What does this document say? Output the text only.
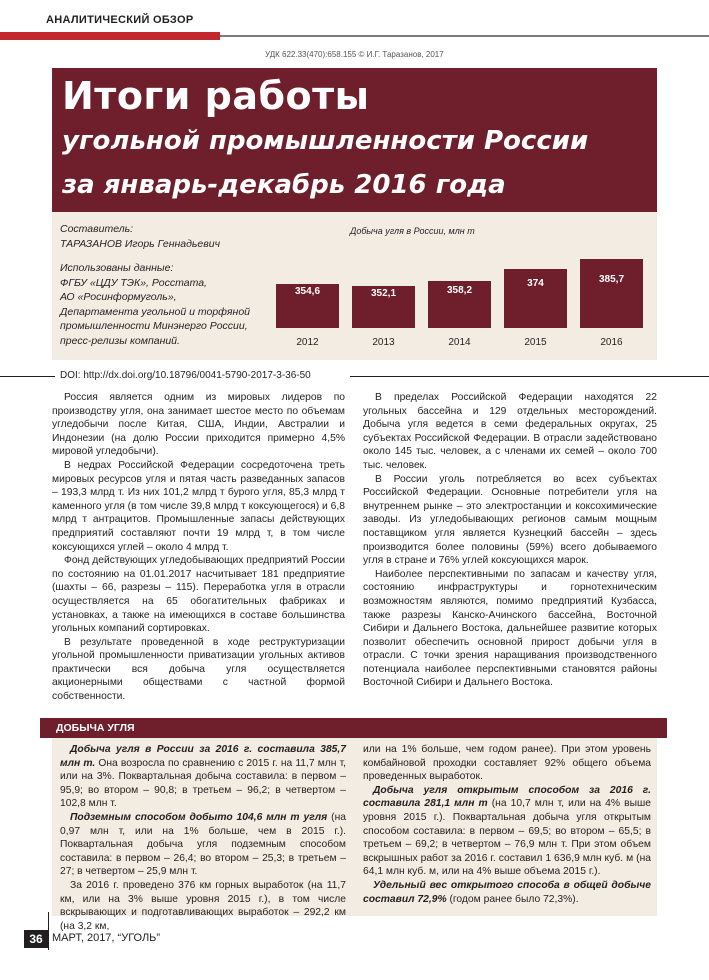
АНАЛИТИЧЕСКИЙ ОБЗОР
УДК 622.33(470):658.155 © И.Г. Таразанов, 2017
Итоги работы
угольной промышленности России
за январь-декабрь 2016 года

Составитель:

ТАРАЗАНОВ Игорь Геннадьевич

Использованы данные:

ФГБУ «ЦДУ ТЭК», Росстата,

АО «Росинформуголь»,

Департамента угольной и торфяной

промышленности Минэнерго России,

пресс-релизы компаний.

Добыча угля в России, млн т
354,6
2012
352,1
2013
358,2
2014
374
2015
385,7
2016
DOI: http://dx.doi.org/10.18796/0041-5790-2017-3-36-50

Россия является одним из мировых лидеров по производству угля, она занимает шестое место по объемам угледобычи после Китая, США, Индии, Австралии и Индонезии (на долю России приходится примерно 4,5% мировой угледобычи).

В недрах Российской Федерации сосредоточена треть мировых ресурсов угля и пятая часть разведанных запасов – 193,3 млрд т. Из них 101,2 млрд т бурого угля, 85,3 млрд т каменного угля (в том числе 39,8 млрд т коксующегося) и 6,8 млрд т антрацитов. Промышленные запасы действующих предприятий составляют почти 19 млрд т, в том числе коксующихся углей – около 4 млрд т.

Фонд действующих угледобывающих предприятий России по состоянию на 01.01.2017 насчитывает 181 предприятие (шахты – 66, разрезы – 115). Переработка угля в отрасли осуществляется на 65 обогатительных фабриках и установках, а также на имеющихся в составе большинства угольных компаний сортировках.

В результате проведенной в ходе реструктуризации угольной промышленности приватизации угольных активов практически вся добыча угля осуществляется акционерными обществами с частной формой собственности.

В пределах Российской Федерации находятся 22 угольных бассейна и 129 отдельных месторождений. Добыча угля ведется в семи федеральных округах, 25 субъектах Российской Федерации. В отрасли задействовано около 145 тыс. человек, а с членами их семей – около 700 тыс. человек.

В России уголь потребляется во всех субъектах Российской Федерации. Основные потребители угля на внутреннем рынке – это электростанции и коксохимические заводы. Из угледобывающих регионов самым мощным поставщиком угля является Кузнецкий бассейн – здесь производится более половины (59%) всего добываемого угля в стране и 76% углей коксующихся марок.

Наиболее перспективными по запасам и качеству угля, состоянию инфраструктуры и горнотехническим возможностям являются, помимо предприятий Кузбасса, также разрезы Канско-Ачинского бассейна, Восточной Сибири и Дальнего Востока, дальнейшее развитие которых позволит обеспечить основной прирост добычи угля в отрасли. С точки зрения наращивания производственного потенциала наиболее перспективными становятся районы Восточной Сибири и Дальнего Востока.

ДОБЫЧА УГЛЯ

Добыча угля в России за 2016 г. составила 385,7 млн т. Она возросла по сравнению с 2015 г. на 11,7 млн т, или на 3%. Поквартальная добыча составила: в первом – 95,9; во втором – 90,8; в третьем – 96,2; в четвертом – 102,8 млн т.

Подземным способом добыто 104,6 млн т угля (на 0,97 млн т, или на 1% больше, чем в 2015 г.). Поквартальная добыча угля подземным способом составила: в первом – 26,4; во втором – 25,3; в третьем – 27; в четвертом – 25,9 млн т.

За 2016 г. проведено 376 км горных выработок (на 11,7 км, или на 3% выше уровня 2015 г.), в том числе вскрывающих и подготавливающих выработок – 292,2 км (на 3,2 км,

или на 1% больше, чем годом ранее). При этом уровень комбайновой проходки составляет 92% общего объема проведенных выработок.

Добыча угля открытым способом за 2016 г. составила 281,1 млн т (на 10,7 млн т, или на 4% выше уровня 2015 г.). Поквартальная добыча угля открытым способом составила: в первом – 69,5; во втором – 65,5; в третьем – 69,2; в четвертом – 76,9 млн т. При этом объем вскрышных работ за 2016 г. составил 1 636,9 млн куб. м (на 64,1 млн куб. м, или на 4% выше объема 2015 г.).

Удельный вес открытого способа в общей добыче составил 72,9% (годом ранее было 72,3%).

36 МАРТ, 2017, “УГОЛЬ”
